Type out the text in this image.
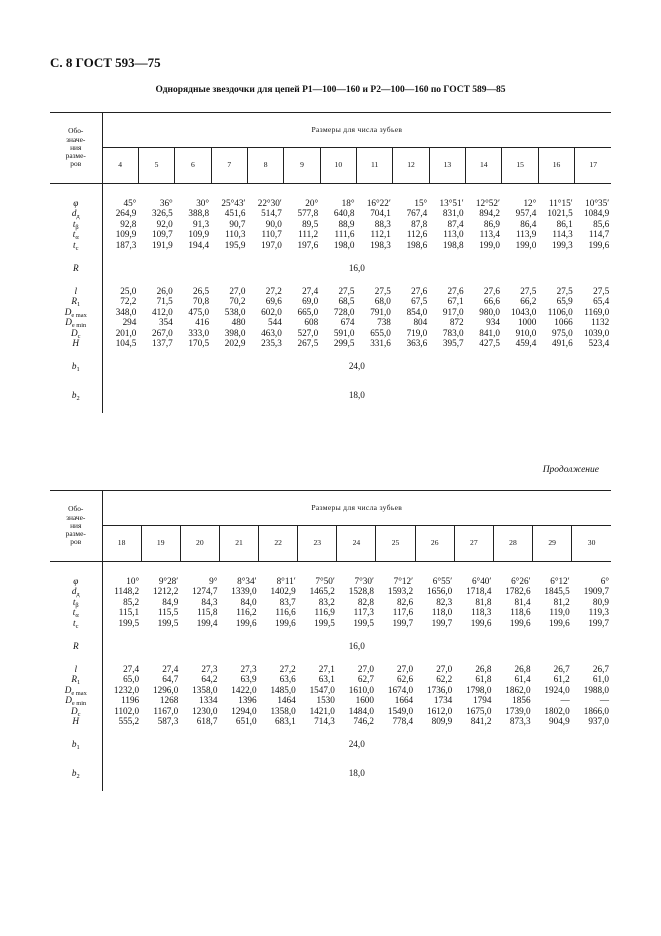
С. 8 ГОСТ 593—75
Однорядные звездочки для цепей Р1—100—160 и Р2—100—160 по ГОСТ 589—85
Обо-
значе-
ния
разме-
ров	Размеры для числа зубьев													
	4	5	6	7	8	9	10	11	12	13	14	15	16	17

φ	45°	36°	30°	25°43′	22°30′	20°	18°	16°22′	15°	13°51′	12°52′	12°	11°15′	10°35′
$d_д$	264,9	326,5	388,8	451,6	514,7	577,8	640,8	704,1	767,4	831,0	894,2	957,4	1021,5	1084,9
$t_\beta$	92,8	92,0	91,3	90,7	90,0	89,5	88,9	88,3	87,8	87,4	86,9	86,4	86,1	85,6
$t_\alpha$	109,9	109,7	109,9	110,3	110,7	111,2	111,6	112,1	112,6	113,0	113,4	113,9	114,3	114,7
$t_c$	187,3	191,9	194,4	195,9	197,0	197,6	198,0	198,3	198,6	198,8	199,0	199,0	199,3	199,6

R	16,0													

l	25,0	26,0	26,5	27,0	27,2	27,4	27,5	27,5	27,6	27,6	27,6	27,5	27,5	27,5
$R_1$	72,2	71,5	70,8	70,2	69,6	69,0	68,5	68,0	67,5	67,1	66,6	66,2	65,9	65,4
$D_{e max}$	348,0	412,0	475,0	538,0	602,0	665,0	728,0	791,0	854,0	917,0	980,0	1043,0	1106,0	1169,0
$D_{e min}$	294	354	416	480	544	608	674	738	804	872	934	1000	1066	1132
$D_c$	201,0	267,0	333,0	398,0	463,0	527,0	591,0	655,0	719,0	783,0	841,0	910,0	975,0	1039,0
H	104,5	137,7	170,5	202,9	235,3	267,5	299,5	331,6	363,6	395,7	427,5	459,4	491,6	523,4

$b_1$	24,0													

$b_2$	18,0													

Продолжение
Обо-
значе-
ния
разме-
ров	Размеры для числа зубьев												
	18	19	20	21	22	23	24	25	26	27	28	29	30

φ	10°	9°28′	9°	8°34′	8°11′	7°50′	7°30′	7°12′	6°55′	6°40′	6°26′	6°12′	6°
$d_д$	1148,2	1212,2	1274,7	1339,0	1402,9	1465,2	1528,8	1593,2	1656,0	1718,4	1782,6	1845,5	1909,7
$t_\beta$	85,2	84,9	84,3	84,0	83,7	83,2	82,8	82,6	82,3	81,8	81,4	81,2	80,9
$t_\alpha$	115,1	115,5	115,8	116,2	116,6	116,9	117,3	117,6	118,0	118,3	118,6	119,0	119,3
$t_c$	199,5	199,5	199,4	199,6	199,6	199,5	199,5	199,7	199,7	199,6	199,6	199,6	199,7

R	16,0												

l	27,4	27,4	27,3	27,3	27,2	27,1	27,0	27,0	27,0	26,8	26,8	26,7	26,7
$R_1$	65,0	64,7	64,2	63,9	63,6	63,1	62,7	62,6	62,2	61,8	61,4	61,2	61,0
$D_{e max}$	1232,0	1296,0	1358,0	1422,0	1485,0	1547,0	1610,0	1674,0	1736,0	1798,0	1862,0	1924,0	1988,0
$D_{e min}$	1196	1268	1334	1396	1464	1530	1600	1664	1734	1794	1856	—	—
$D_c$	1102,0	1167,0	1230,0	1294,0	1358,0	1421,0	1484,0	1549,0	1612,0	1675,0	1739,0	1802,0	1866,0
H	555,2	587,3	618,7	651,0	683,1	714,3	746,2	778,4	809,9	841,2	873,3	904,9	937,0

$b_1$	24,0												

$b_2$	18,0												
